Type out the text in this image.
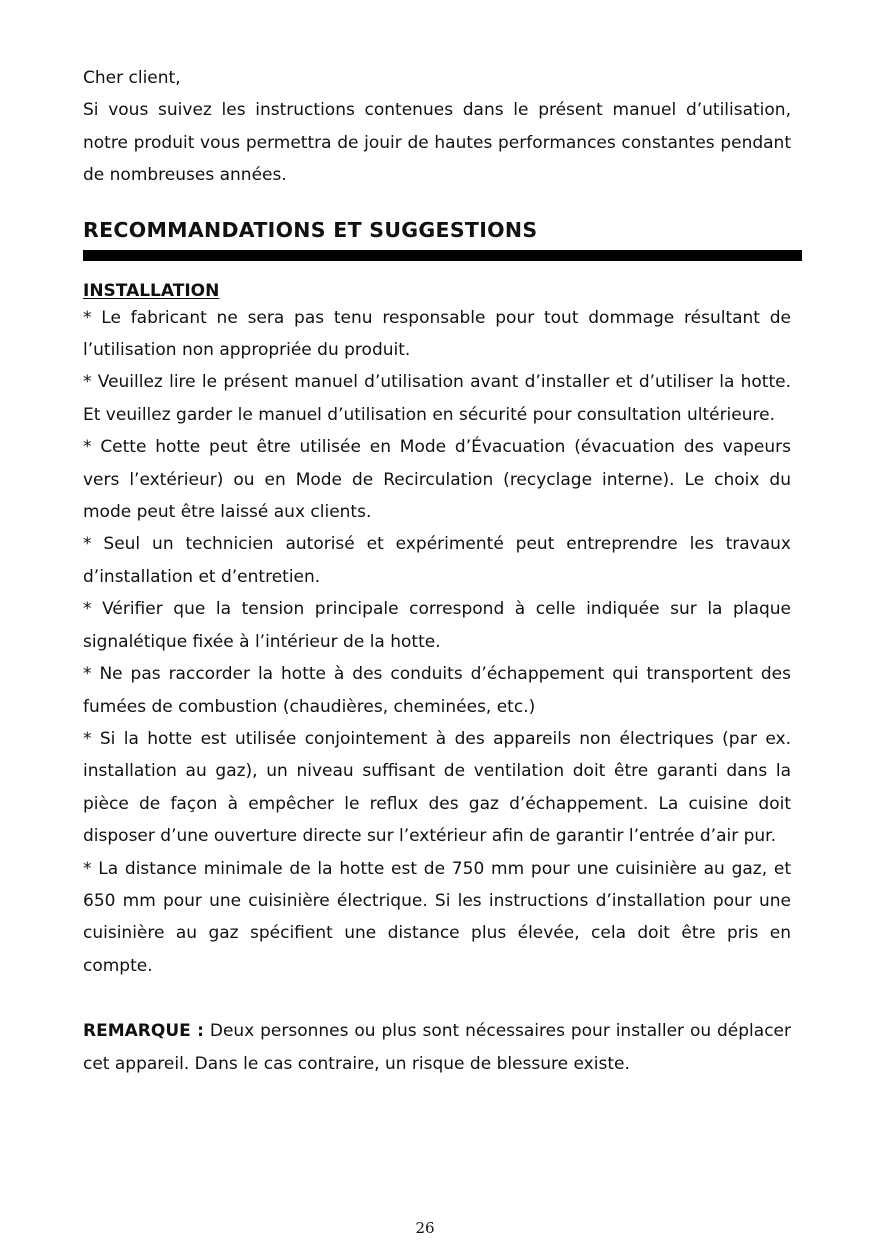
Cher client,

Si vous suivez les instructions contenues dans le présent manuel d’utilisation, notre produit vous permettra de jouir de hautes performances constantes pendant de nombreuses années.

RECOMMANDATIONS ET SUGGESTIONS
INSTALLATION
* Le fabricant ne sera pas tenu responsable pour tout dommage résultant de l’utilisation non appropriée du produit.
* Veuillez lire le présent manuel d’utilisation avant d’installer et d’utiliser la hotte. Et veuillez garder le manuel d’utilisation en sécurité pour consultation ultérieure.
* Cette hotte peut être utilisée en Mode d’Évacuation (évacuation des vapeurs vers l’extérieur) ou en Mode de Recirculation (recyclage interne). Le choix du mode peut être laissé aux clients.
* Seul un technicien autorisé et expérimenté peut entreprendre les travaux d’installation et d’entretien.
* Vérifier que la tension principale correspond à celle indiquée sur la plaque signalétique fixée à l’intérieur de la hotte.
* Ne pas raccorder la hotte à des conduits d’échappement qui transportent des fumées de combustion (chaudières, cheminées, etc.)
* Si la hotte est utilisée conjointement à des appareils non électriques (par ex. installation au gaz), un niveau suffisant de ventilation doit être garanti dans la pièce de façon à empêcher le reflux des gaz d’échappement. La cuisine doit disposer d’une ouverture directe sur l’extérieur afin de garantir l’entrée d’air pur.
* La distance minimale de la hotte est de 750 mm pour une cuisinière au gaz, et 650 mm pour une cuisinière électrique. Si les instructions d’installation pour une cuisinière au gaz spécifient une distance plus élevée, cela doit être pris en compte.

REMARQUE : Deux personnes ou plus sont nécessaires pour installer ou déplacer cet appareil. Dans le cas contraire, un risque de blessure existe.

26
